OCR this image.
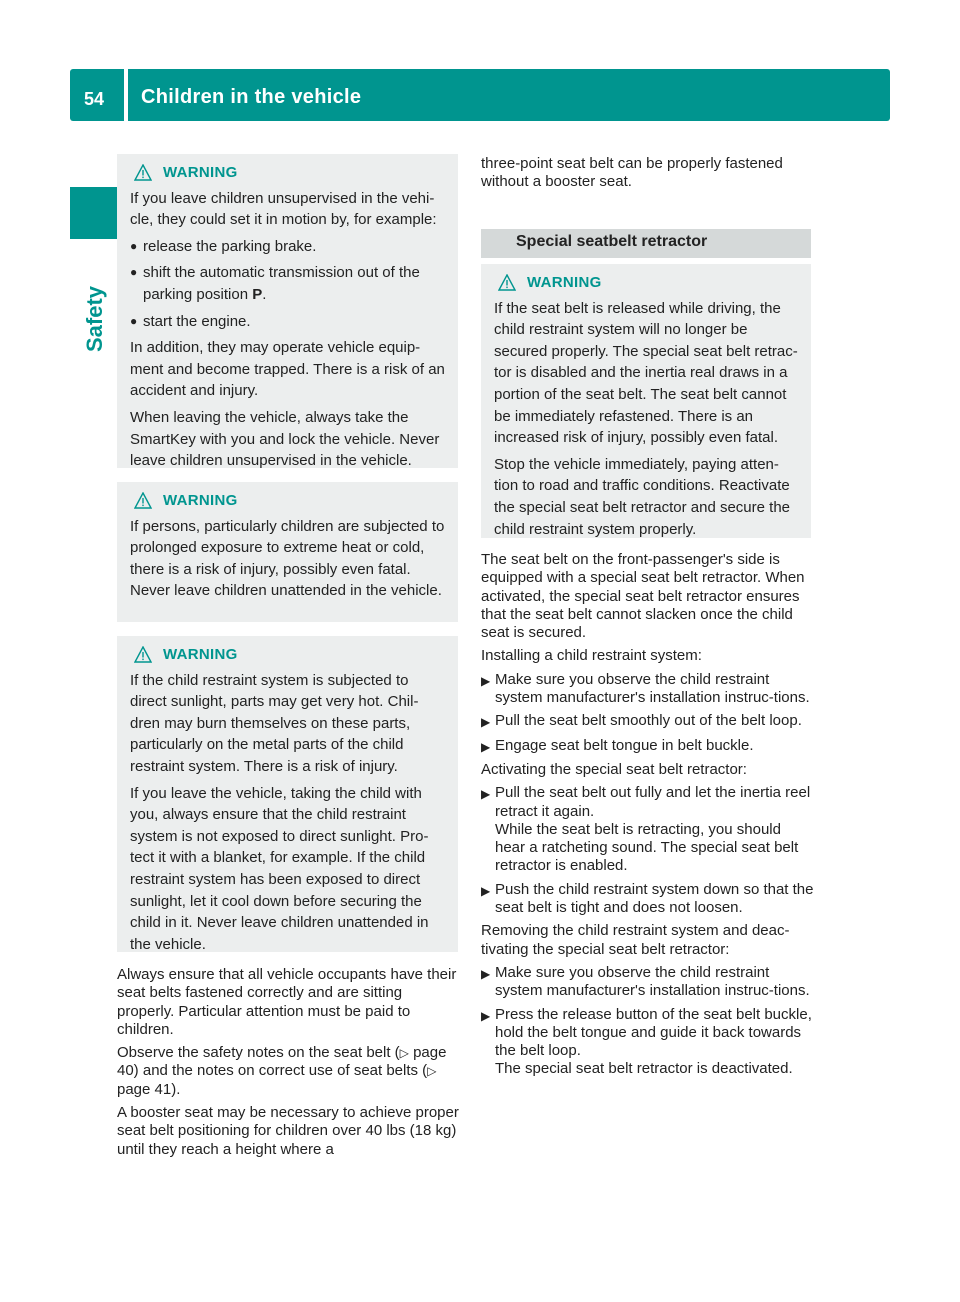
54 Children in the vehicle
Safety
WARNING
If you leave children unsupervised in the vehi-cle, they could set it in motion by, for example:
● release the parking brake.
● shift the automatic transmission out of the parking position P.
● start the engine.
In addition, they may operate vehicle equip-ment and become trapped. There is a risk of an accident and injury.
When leaving the vehicle, always take the SmartKey with you and lock the vehicle. Never leave children unsupervised in the vehicle.
WARNING
If persons, particularly children are subjected to prolonged exposure to extreme heat or cold, there is a risk of injury, possibly even fatal. Never leave children unattended in the vehicle.
WARNING
If the child restraint system is subjected to direct sunlight, parts may get very hot. Chil-dren may burn themselves on these parts, particularly on the metal parts of the child restraint system. There is a risk of injury.
If you leave the vehicle, taking the child with you, always ensure that the child restraint system is not exposed to direct sunlight. Pro-tect it with a blanket, for example. If the child restraint system has been exposed to direct sunlight, let it cool down before securing the child in it. Never leave children unattended in the vehicle.
Always ensure that all vehicle occupants have their seat belts fastened correctly and are sitting properly. Particular attention must be paid to children.
Observe the safety notes on the seat belt (▷ page 40) and the notes on correct use of seat belts (▷ page 41).
A booster seat may be necessary to achieve proper seat belt positioning for children over 40 lbs (18 kg) until they reach a height where a
three-point seat belt can be properly fastened without a booster seat.
Special seatbelt retractor
WARNING
If the seat belt is released while driving, the child restraint system will no longer be secured properly. The special seat belt retrac-tor is disabled and the inertia real draws in a portion of the seat belt. The seat belt cannot be immediately refastened. There is an increased risk of injury, possibly even fatal.
Stop the vehicle immediately, paying atten-tion to road and traffic conditions. Reactivate the special seat belt retractor and secure the child restraint system properly.
The seat belt on the front-passenger's side is equipped with a special seat belt retractor. When activated, the special seat belt retractor ensures that the seat belt cannot slacken once the child seat is secured.
Installing a child restraint system:
▶ Make sure you observe the child restraint system manufacturer's installation instruc-tions.
▶ Pull the seat belt smoothly out of the belt loop.
▶ Engage seat belt tongue in belt buckle.
Activating the special seat belt retractor:
▶ Pull the seat belt out fully and let the inertia reel retract it again.
While the seat belt is retracting, you should hear a ratcheting sound. The special seat belt retractor is enabled.
▶ Push the child restraint system down so that the seat belt is tight and does not loosen.
Removing the child restraint system and deac-tivating the special seat belt retractor:
▶ Make sure you observe the child restraint system manufacturer's installation instruc-tions.
▶ Press the release button of the seat belt buckle, hold the belt tongue and guide it back towards the belt loop.
The special seat belt retractor is deactivated.
